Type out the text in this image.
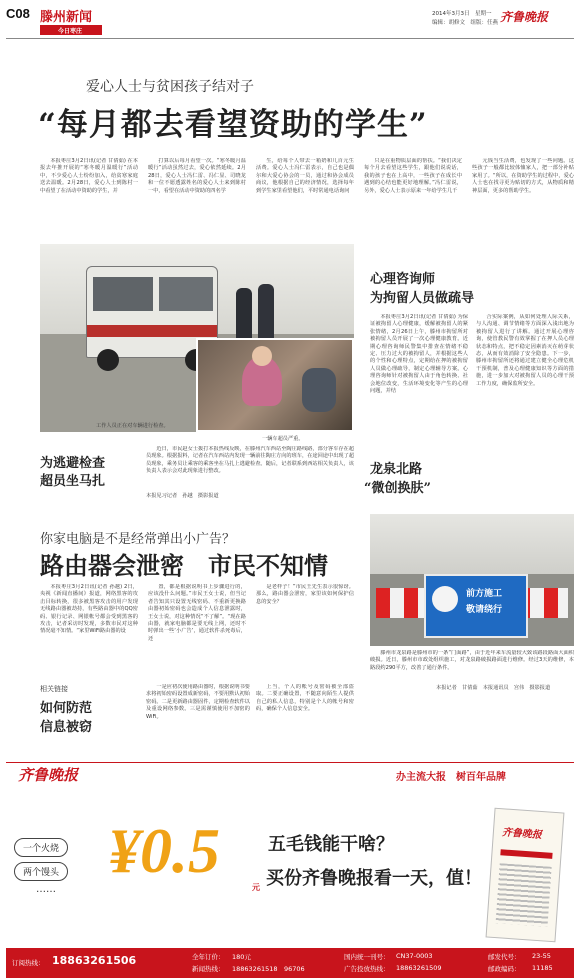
C08 滕州新闻
今日枣庄
2014年3月3日　星期一
编辑：胡修文　组版：任燕 齐鲁晚报
爱心人士与贫困孩子结对子
“每月都去看望资助的学生”

本报枣庄3月2日讯(记者 甘倩茹) 在本报去年推开展的“寒冬暖月温暖行”活动中，不少爱心人士纷纷加入，给贫寒家庭送去温暖。2月28日，爱心人士到陈村一中看望了在活动中资助的学生，并

打算以后每月看望一次。“寒冬暖月温暖行”活动虽然过去，爱心依然延续。2月28日，爱心人士冯仁雷、冯仁显、司晓龙和一位不愿透露姓名的爱心人士来到陈村一中，看望在活动中资助的四名学

生，给每个人带去一箱奶和几百元生活费。爱心人士冯仁雷表示，自己也是偶尔和大爱心协会的一员，通过和协会成员商议，他根据自己的经济情况，选择每年到学生家里看望他们，平时常通电话询问

只是在重物质层面的帮扶。“我们决定每个月去看望这些学生，跟他们说说话，我的孩子也在上高中，一些孩子在成长中遇到的心结也能更好地理解。”冯仁雷说，另外，爱心人士表示原来一年给学生几千

元钱当生活费，也发现了一些问题。这些孩子一般都比较体恤家人，把一部分补贴家用了。“所以，在资助学生的过程中，爱心人士也在找寻更为贴切的方式，从物质和精神层面，更多的帮助学生。

工作人员正在对车辆进行检查。
一辆车超员严重。
为逃避检查
超员坐马扎

近日，市民赵女士拨打本报热线反映，在滕州汽车西站至陶庄路线路，部分客车存在超员现象。根据报料，记者在汽车西站内发现一辆前往陶庄方向的班车，在途回途中出现了超员现象，乘务员让乘客的乘客坐在马扎上逃避检查。随后，记者联系到西站相关负责人，该负责人表示会对此现象进行整改。

本报见习记者　孙越　摄影报道
心理咨询师
为拘留人员做疏导

本报枣庄3月2日讯(记者 甘倩茹) 为保证被拘留人心理健康，缓解被拘留人的紧张情绪，2月26日上午，滕州市拘留所对被拘留人员开展了一次心理健康教育。近期心理咨询师民警集中排查在情绪不稳定、压力过大的被拘留人，并根据这些人的个性和心理特点，定期给在押的被拘留人员做心理疏导，制定心理辅导方案。心理咨询师针对被拘留人由于角色转换、社会地位改变，生活环境变化等产生的心理问题，并结

合实际案例，从如何处理人际关系，与人沟通、调节情绪等方面深入浅出地为被拘留人进行了讲解。通过开展心理咨询，使管教民警有效掌握了在押人员心理状态和特点，把不稳定因素消灭在萌芽状态，从而有效消除了安全隐患。下一步，滕州市拘留所还将通过建立健全心理危机干预机制，普及心理健康知识等方面的措施，进一步加大对被拘留人员的心理干预工作力度，确保监所安全。

龙泉北路
“微创换肤”
前方施工
敬请绕行

滕州市龙泉路是滕州市的一条“门面路”，由于近年来车流量较大致该路段路面大面积破损。近日，滕州市市政处组织施工，对龙泉路破损路面进行维修。经过3天的维修，本路段约290平方，改善了通行条件。

本报记者　甘倩茹　本报通讯员　宫伟　摄影报道
你家电脑是不是经常弹出小广告？
路由器会泄密　市民不知情

本报枣庄3月2日讯(记者 孙越) 2日，央视《新闻直播间》报道，网络黑客的攻击目标转换，很多被黑客攻击的用户发现无线路由器被劫持，有些路由器中的QQ密码、银行记录、网银帐号都会受到黑客的攻击，记者采访时发现，多数市民对这种情况毫不知情。“家里WiFi路由器的设

置，都是根据说明书上步骤进行的，应该没什么问题。”市民王女士说，但当记者告知其只设置无线密码、不重新更换路由器初始密码也会造成个人信息泄露时，王女士说，对这种情况“不了解”。“现在路由器，就家电脑都是要无线上网，还时不时弹出一些‘小广告’，通过软件杀死毒后，还

是老样子！”市民王先生表示很惊讶。那么，路由器会泄密，家里该如何保护信息的安全？

相关链接
如何防范
信息被窃

一是应初次使用路由器时，根据说明书要求将初始密码设置成新密码，不要用默认初始密码。二是更新路由器固件，定期检查软件以及重设网络参数。三是需谨慎使用不加密的WiFi。

上当，个人的帐号及密码被全部盗取。二要正确设置，不随意向陌生人提供自己的私人信息，特别是个人的帐号和密码，确保个人信息安全。

齐鲁晚报	办主流大报　树百年品牌
一个火烧
两个馒头
……
¥0.5
元
五毛钱能干啥？
买份齐鲁晚报看一天，值！
齐鲁晚报
订阅热线： 18863261506	全年订价： 180元
新闻热线： 18863261518　96706
国内统一刊号： CN37-0003
广告投放热线： 18863261509
邮发代号： 23-55
邮政编码： 11185
